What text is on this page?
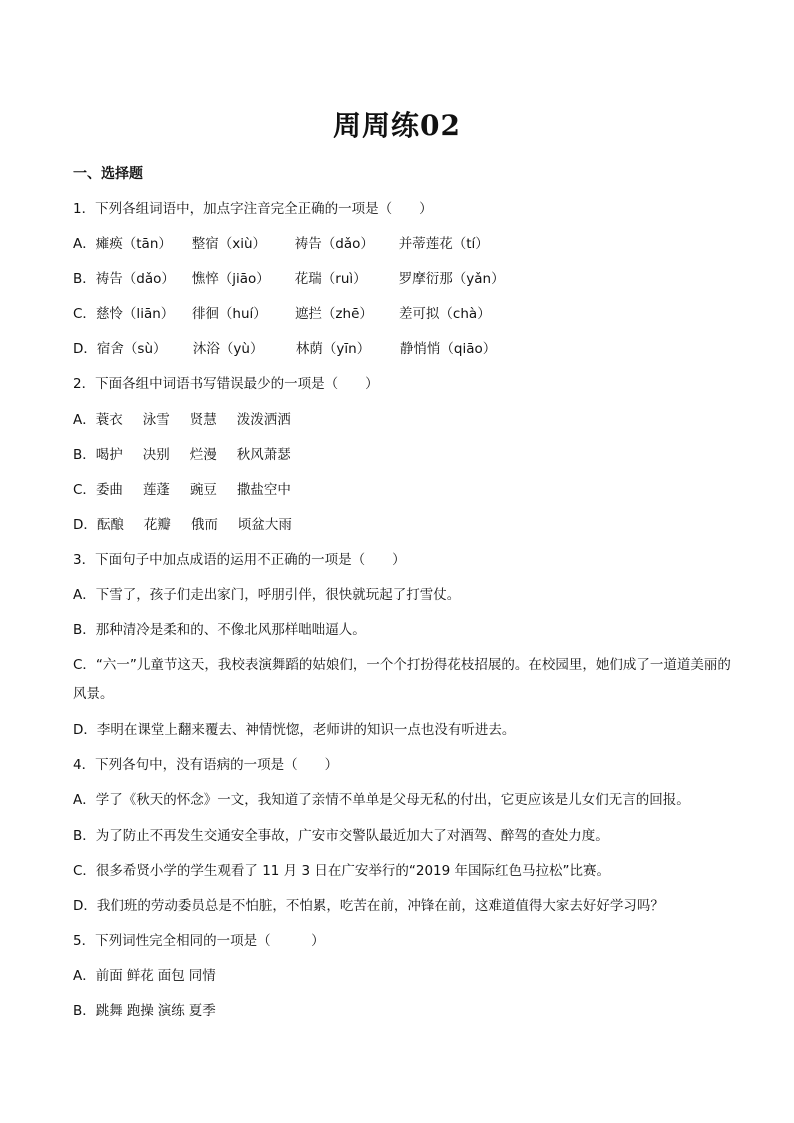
周周练02
一、选择题
1．下列各组词语中，加点字注音完全正确的一项是（　　）
A．瘫痪（tān） 整宿（xiù） 祷告（dǎo） 并蒂莲花（tí）
B．祷告（dǎo） 憔悴（jiāo） 花瑞（ruì） 罗摩衍那（yǎn）
C．慈怜（liān） 徘徊（huí） 遮拦（zhē） 差可拟（chà）
D．宿舍（sù） 沐浴（yù） 林荫（yīn） 静悄悄（qiāo）
2．下面各组中词语书写错误最少的一项是（　　）
A．蓑衣 泳雪 贤慧 泼泼洒洒
B．喝护 决别 烂漫 秋风萧瑟
C．委曲 莲蓬 豌豆 撒盐空中
D．酝酿 花瓣 俄而 顷盆大雨
3．下面句子中加点成语的运用不正确的一项是（　　）
A．下雪了，孩子们走出家门，呼朋引伴，很快就玩起了打雪仗。
B．那种清冷是柔和的、不像北风那样咄咄逼人。
C．“六一”儿童节这天，我校表演舞蹈的姑娘们，一个个打扮得花枝招展的。在校园里，她们成了一道道美丽的风景。
D．李明在课堂上翻来覆去、神情恍惚，老师讲的知识一点也没有听进去。
4．下列各句中，没有语病的一项是（　　）
A．学了《秋天的怀念》一文，我知道了亲情不单单是父母无私的付出，它更应该是儿女们无言的回报。
B．为了防止不再发生交通安全事故，广安市交警队最近加大了对酒驾、醉驾的查处力度。
C．很多希贤小学的学生观看了 11 月 3 日在广安举行的“2019 年国际红色马拉松”比赛。
D．我们班的劳动委员总是不怕脏，不怕累，吃苦在前，冲锋在前，这难道值得大家去好好学习吗？
5．下列词性完全相同的一项是（　　　）
A．前面 鲜花 面包 同情
B．跳舞 跑操 演练 夏季
